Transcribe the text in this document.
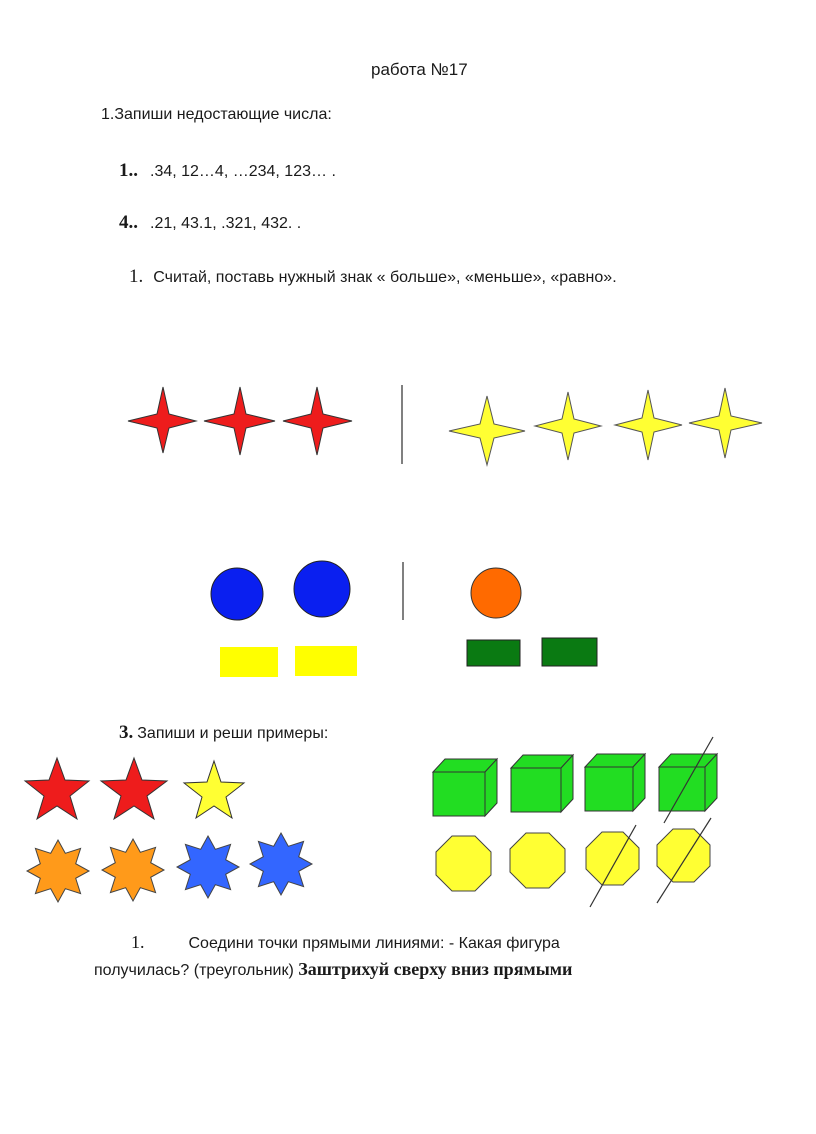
работа №17
1.Запиши недостающие числа:
1.. .34, 12…4, …234, 123… .
4.. .21, 43.1, .321, 432. .
1. Считай, поставь нужный знак « больше», «меньше», «равно».
3. Запиши и реши примеры:
1.	Соедини точки прямыми линиями: - Какая фигура
получилась? (треугольник) Заштрихуй сверху вниз прямыми
